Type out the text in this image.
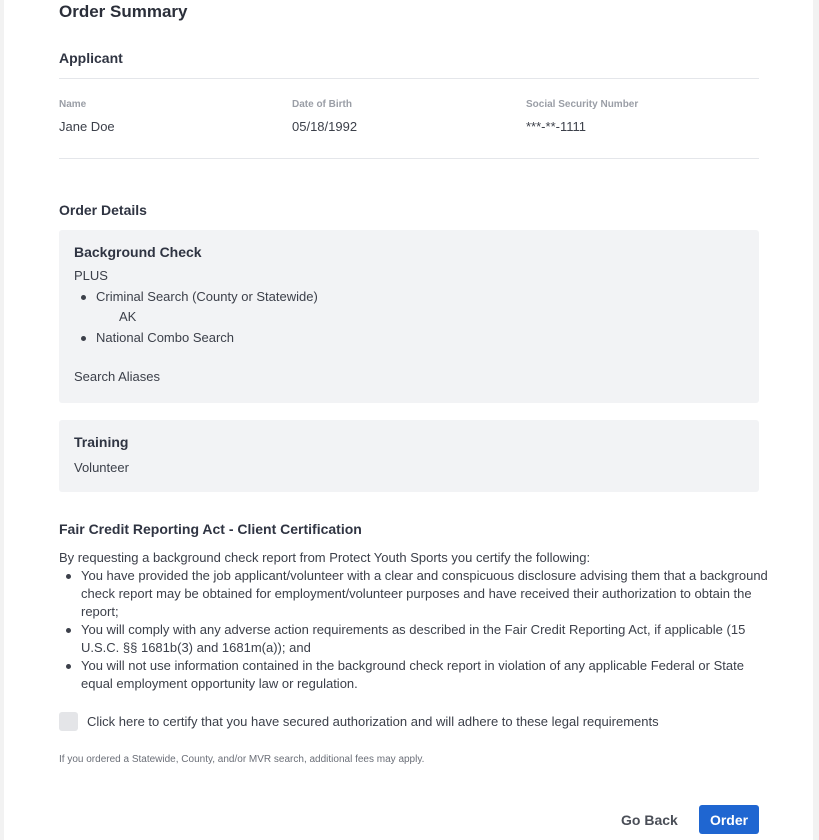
Order Summary
Applicant
Name
Jane Doe
Date of Birth
05/18/1992
Social Security Number
***-**-1111
Order Details
Background Check
PLUS
Criminal Search (County or Statewide)
AK
National Combo Search
Search Aliases
Training
Volunteer
Fair Credit Reporting Act - Client Certification
By requesting a background check report from Protect Youth Sports you certify the following:
You have provided the job applicant/volunteer with a clear and conspicuous disclosure advising them that a background check report may be obtained for employment/volunteer purposes and have received their authorization to obtain the report;
You will comply with any adverse action requirements as described in the Fair Credit Reporting Act, if applicable (15 U.S.C. §§ 1681b(3) and 1681m(a)); and
You will not use information contained in the background check report in violation of any applicable Federal or State equal employment opportunity law or regulation.
Click here to certify that you have secured authorization and will adhere to these legal requirements
If you ordered a Statewide, County, and/or MVR search, additional fees may apply.
Go Back	Order
